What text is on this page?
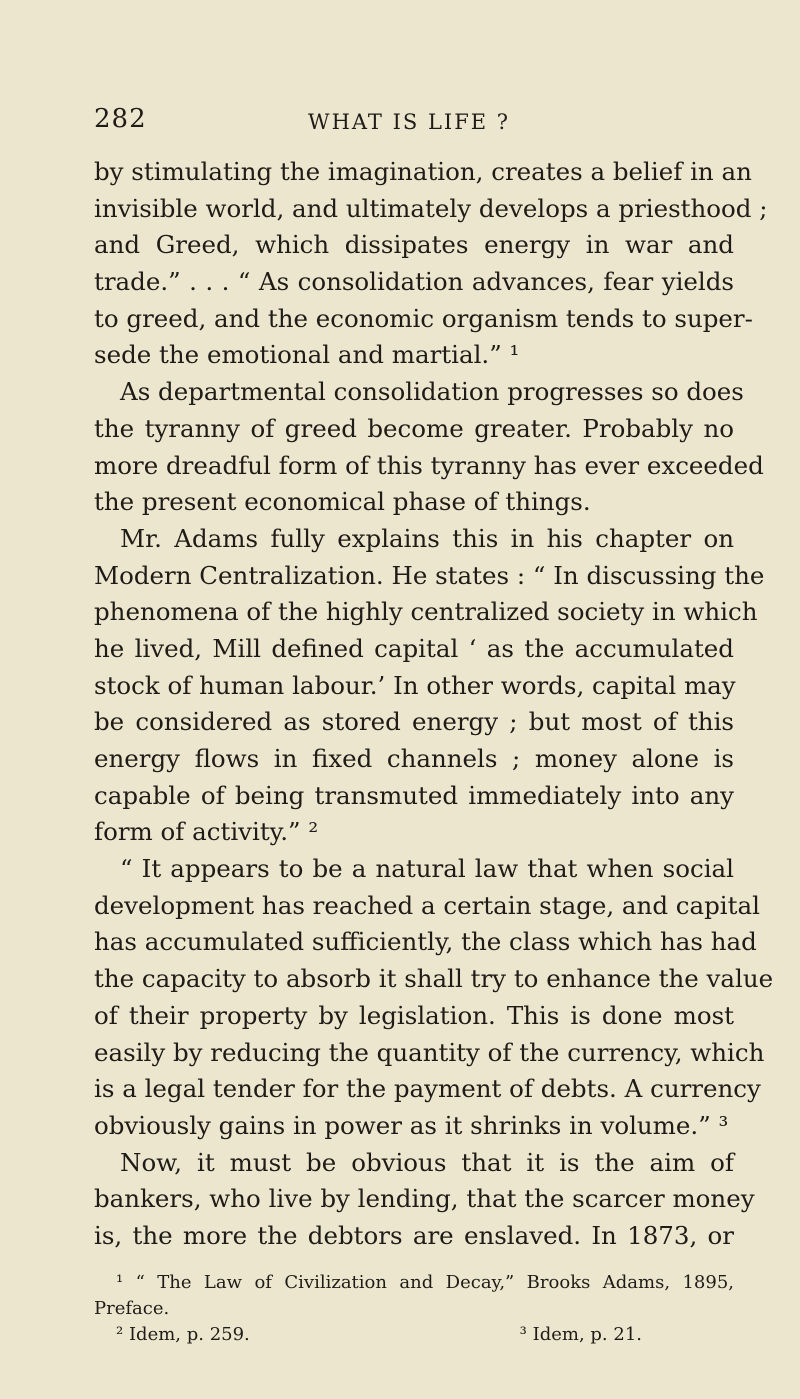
282	WHAT IS LIFE ?
by stimulating the imagination, creates a belief in an
invisible world, and ultimately develops a priesthood ;
and Greed, which dissipates energy in war and
trade.” . . . “ As consolidation advances, fear yields
to greed, and the economic organism tends to super-
sede the emotional and martial.” ¹
As departmental consolidation progresses so does
the tyranny of greed become greater. Probably no
more dreadful form of this tyranny has ever exceeded
the present economical phase of things.
Mr. Adams fully explains this in his chapter on
Modern Centralization. He states : “ In discussing the
phenomena of the highly centralized society in which
he lived, Mill defined capital ‘ as the accumulated
stock of human labour.’ In other words, capital may
be considered as stored energy ; but most of this
energy flows in fixed channels ; money alone is
capable of being transmuted immediately into any
form of activity.” ²
“ It appears to be a natural law that when social
development has reached a certain stage, and capital
has accumulated sufficiently, the class which has had
the capacity to absorb it shall try to enhance the value
of their property by legislation. This is done most
easily by reducing the quantity of the currency, which
is a legal tender for the payment of debts. A currency
obviously gains in power as it shrinks in volume.” ³
Now, it must be obvious that it is the aim of
bankers, who live by lending, that the scarcer money
is, the more the debtors are enslaved. In 1873, or
¹ “ The Law of Civilization and Decay,” Brooks Adams, 1895,
Preface.
² Idem, p. 259.	³ Idem, p. 21.
